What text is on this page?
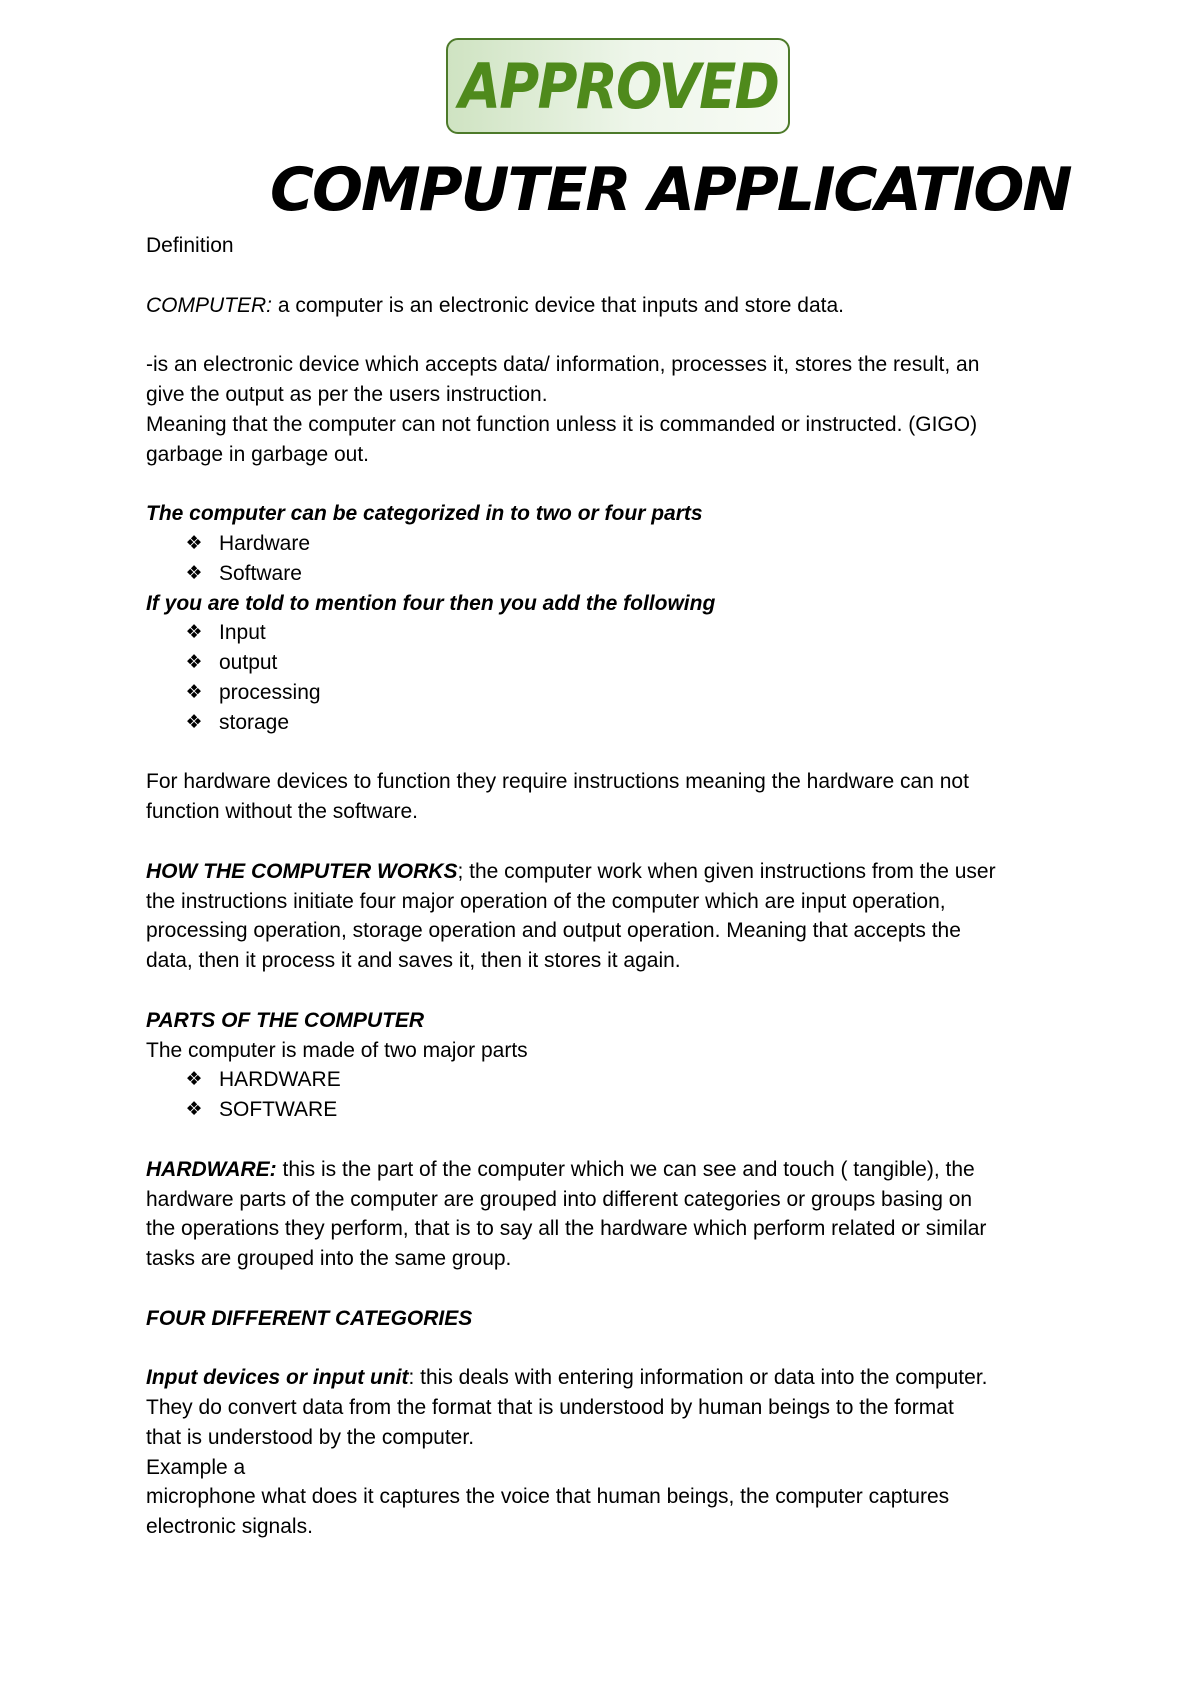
APPROVED
COMPUTER APPLICATION

Definition

COMPUTER: a computer is an electronic device that inputs and store data.

-is an electronic device which accepts data/ information, processes it, stores the result, an

give the output as per the users instruction.

Meaning that the computer can not function unless it is commanded or instructed. (GIGO)

garbage in garbage out.

The computer can be categorized in to two or four parts

❖ Hardware
❖ Software

If you are told to mention four then you add the following

❖ Input
❖ output
❖ processing
❖ storage

For hardware devices to function they require instructions meaning the hardware can not

function without the software.

HOW THE COMPUTER WORKS; the computer work when given instructions from the user

the instructions initiate four major operation of the computer which are input operation,

processing operation, storage operation and output operation. Meaning that accepts the

data, then it process it and saves it, then it stores it again.

PARTS OF THE COMPUTER

The computer is made of two major parts

❖ HARDWARE
❖ SOFTWARE

HARDWARE: this is the part of the computer which we can see and touch ( tangible), the

hardware parts of the computer are grouped into different categories or groups basing on

the operations they perform, that is to say all the hardware which perform related or similar

tasks are grouped into the same group.

FOUR DIFFERENT CATEGORIES

Input devices or input unit: this deals with entering information or data into the computer.

They do convert data from the format that is understood by human beings to the format

that is understood by the computer.

Example a

microphone what does it captures the voice that human beings, the computer captures

electronic signals.
